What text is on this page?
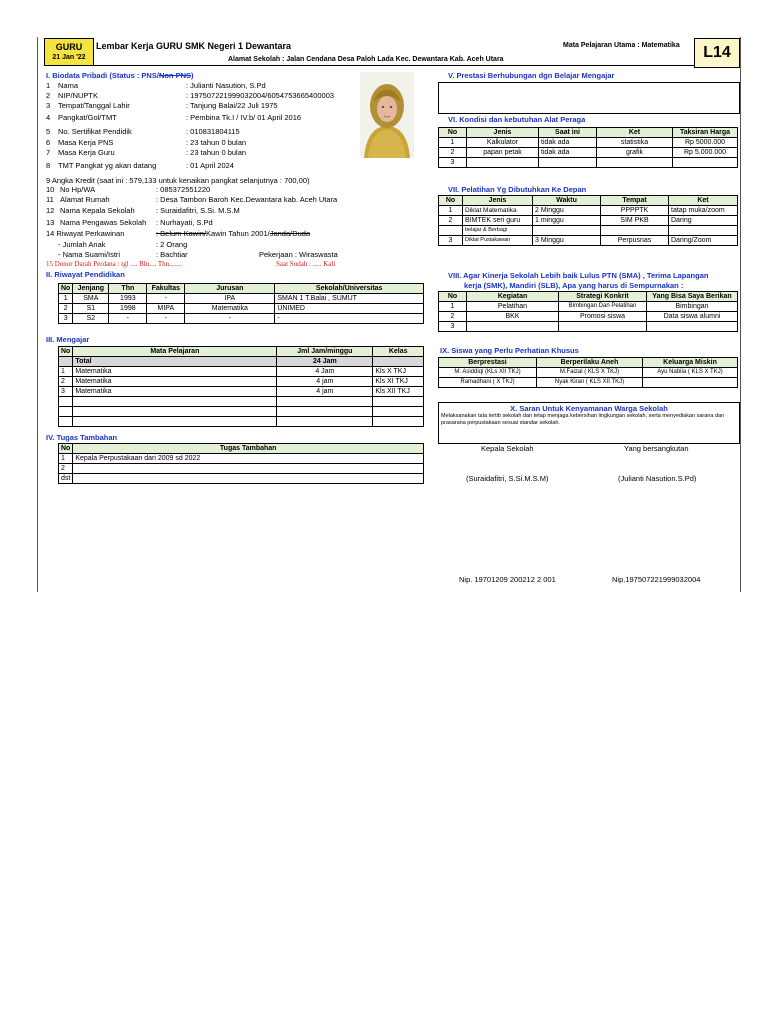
GURU
21 Jan '22
Lembar Kerja GURU SMK Negeri 1 Dewantara	Mata Pelajaran Utama : Matematika
Alamat Sekolah : Jalan Cendana Desa Paloh Lada Kec. Dewantara Kab. Aceh Utara	L14
I. Biodata Pribadi (Status : PNS/Non PNS)
1 Nama	: Julianti Nasution, S.Pd
2 NIP/NUPTK	: 197507221999032004/6054753665400003
3 Tempat/Tanggal Lahir	: Tanjung Balai/22 Juli 1975
4 Pangkat/Gol/TMT	: Pembina Tk.I / IV.b/ 01 April 2016
5 No. Sertifikat Pendidik	: 010831804115
6 Masa Kerja PNS	: 23 tahun 0 bulan
7 Masa Kerja Guru	: 23 tahun 0 bulan
8 TMT Pangkat yg akan datang	: 01 April 2024
9 Angka Kredit (saat ini : 579,133 untuk kenaikan pangkat selanjutnya : 700,00)
10 No Hp/WA	: 085372551220
11 Alamat Rumah	: Desa Tambon Baroh Kec.Dewantara kab. Aceh Utara
12 Nama Kepala Sekolah	: Suraidafitri, S.Si. M.S.M
13 Nama Pengawas Sekolah : Nurhayati, S.Pd
14 Riwayat Perkawinan	: Belum Kawin/Kawin Tahun 2001/Janda/Duda
- Jumlah Anak	: 2 Orang
- Nama Suami/Istri	: Bachtiar	Pekerjaan : Wiraswasta
15 Donor Darah Perdana : tgl .... Bln.... Thn.......	Saat Sudah : ..... Kali
II. Riwayat Pendidikan
No	Jenjang	Thn	Fakultas	Jurusan	Sekolah/Universitas
1	SMA	1993	-	IPA	SMAN 1 T.Balai , SUMUT
2	S1	1998	MIPA	Matematika	UNIMED
3	S2	-	-	-	-
III. Mengajar
No	Mata Pelajaran	Jml Jam/minggu	Kelas
	Total	24 Jam	
1	Matematika	4 Jam	Kls X TKJ
2	Matematika	4 jam	Kls XI TKJ
3	Matematika	4 jam	Kls XII TKJ

IV. Tugas Tambahan
No	Tugas Tambahan
1	Kepala Perpustakaan dari 2009 sd 2022
2	
dst	
V. Prestasi Berhubungan dgn Belajar Mengajar
VI. Kondisi dan kebutuhan Alat Peraga
No	Jenis	Saat ini	Ket	Taksiran Harga
1	Kalkulator	tidak ada	statistika	Rp 5000.000
2	papan petak	tidak ada	grafik	Rp 5.000.000
3				
VII. Pelatihan Yg Dibutuhkan Ke Depan
No	Jenis	Waktu	Tempat	Ket
1	Diklat Matematika	2 Minggu	PPPPTK	tatap muka/zoom
2	BIMTEK seri guru	1 minggu	SIM PKB	Daring
	belajar & Berbagi			
3	Diklat Pustakawan	3 Minggu	Perpusnas	Daring/Zoom
VIII. Agar Kinerja Sekolah Lebih baik Lulus PTN (SMA) , Terima Lapangan
kerja (SMK), Mandiri (SLB), Apa yang harus di Sempurnakan :
No	Kegiatan	Strategi Konkrit	Yang Bisa Saya Berikan
1	Pelatihan	Bimbingan Dan Pelatihan	Bimbingan
2	BKK	Promosi siswa	Data siswa alumni
3			
IX. Siswa yang Perlu Perhatian Khusus
Berprestasi	Berperilaku Aneh	Keluarga Miskin
M. Asiddiqi (KLs XII TKJ)	M.Faizal ( KLS X TKJ)	Ayu Nabila ( KLS X TKJ)
Ramadhani ( X TKJ)	Nyak Kiran ( KLS XII TKJ)	
X. Saran Untuk Kenyamanan Warga Sekolah
Melaksanakan tata tertib sekolah dan tetap menjaga kebersihan lingkungan sekolah, serta menyediakan sarana dan prasarana perpustakaan sesuai standar sekolah.
Kepala Sekolah	Yang bersangkutan
(Suraidafitri, S.Si.M.S.M)	(Julianti Nasution.S.Pd)
Nip. 19701209 200212 2 001	Nip.197507221999032004
